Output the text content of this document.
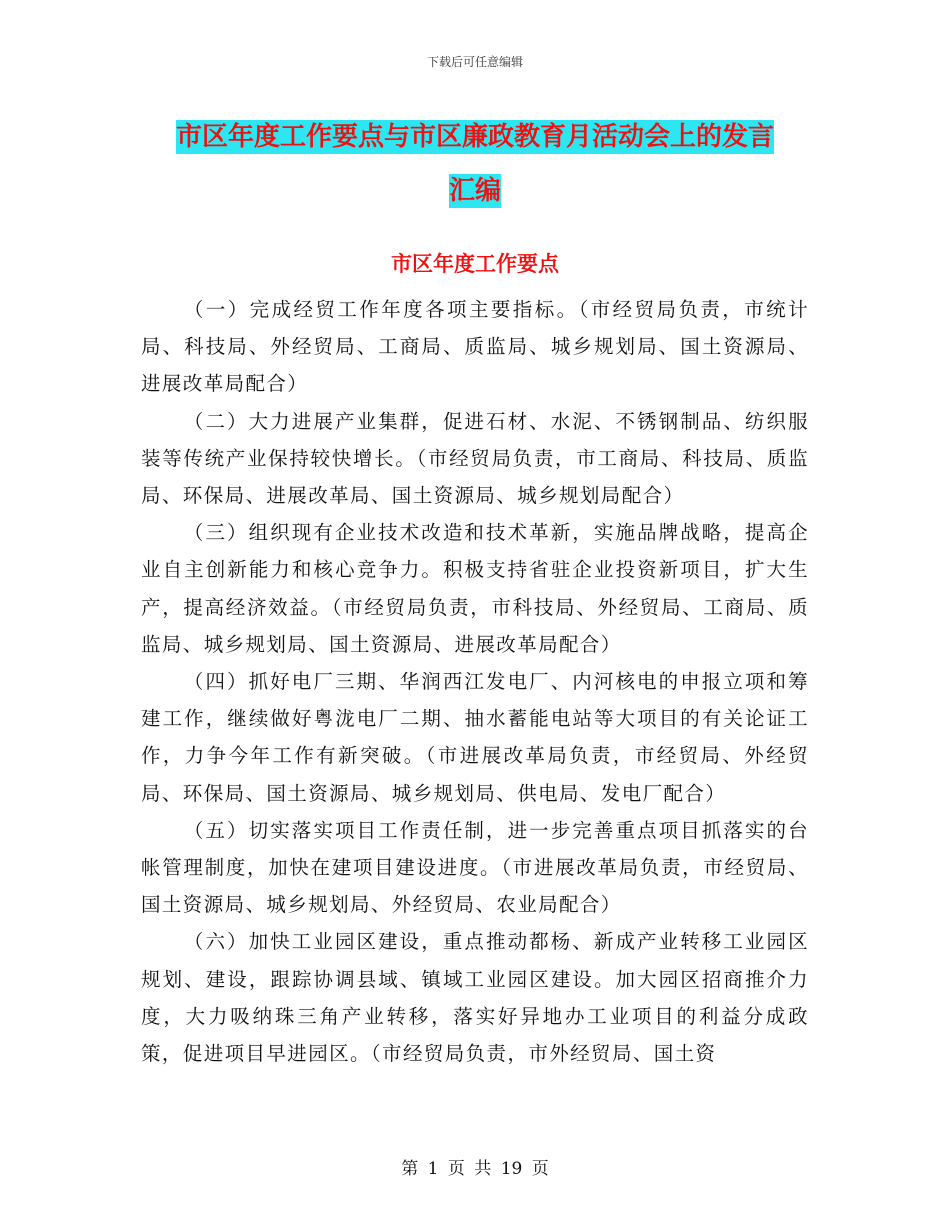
下载后可任意编辑
市区年度工作要点与市区廉政教育月活动会上的发言
汇编
市区年度工作要点

（一）完成经贸工作年度各项主要指标。（市经贸局负责，市统计局、科技局、外经贸局、工商局、质监局、城乡规划局、国土资源局、进展改革局配合）

（二）大力进展产业集群，促进石材、水泥、不锈钢制品、纺织服装等传统产业保持较快增长。（市经贸局负责，市工商局、科技局、质监局、环保局、进展改革局、国土资源局、城乡规划局配合）

（三）组织现有企业技术改造和技术革新，实施品牌战略，提高企业自主创新能力和核心竞争力。积极支持省驻企业投资新项目，扩大生产，提高经济效益。（市经贸局负责，市科技局、外经贸局、工商局、质监局、城乡规划局、国土资源局、进展改革局配合）

（四）抓好电厂三期、华润西江发电厂、内河核电的申报立项和筹建工作，继续做好粤泷电厂二期、抽水蓄能电站等大项目的有关论证工作，力争今年工作有新突破。（市进展改革局负责，市经贸局、外经贸局、环保局、国土资源局、城乡规划局、供电局、发电厂配合）

（五）切实落实项目工作责任制，进一步完善重点项目抓落实的台帐管理制度，加快在建项目建设进度。（市进展改革局负责，市经贸局、国土资源局、城乡规划局、外经贸局、农业局配合）

（六）加快工业园区建设，重点推动都杨、新成产业转移工业园区规划、建设，跟踪协调县域、镇域工业园区建设。加大园区招商推介力度，大力吸纳珠三角产业转移，落实好异地办工业项目的利益分成政策，促进项目早进园区。（市经贸局负责，市外经贸局、国土资

第 1 页 共 19 页
